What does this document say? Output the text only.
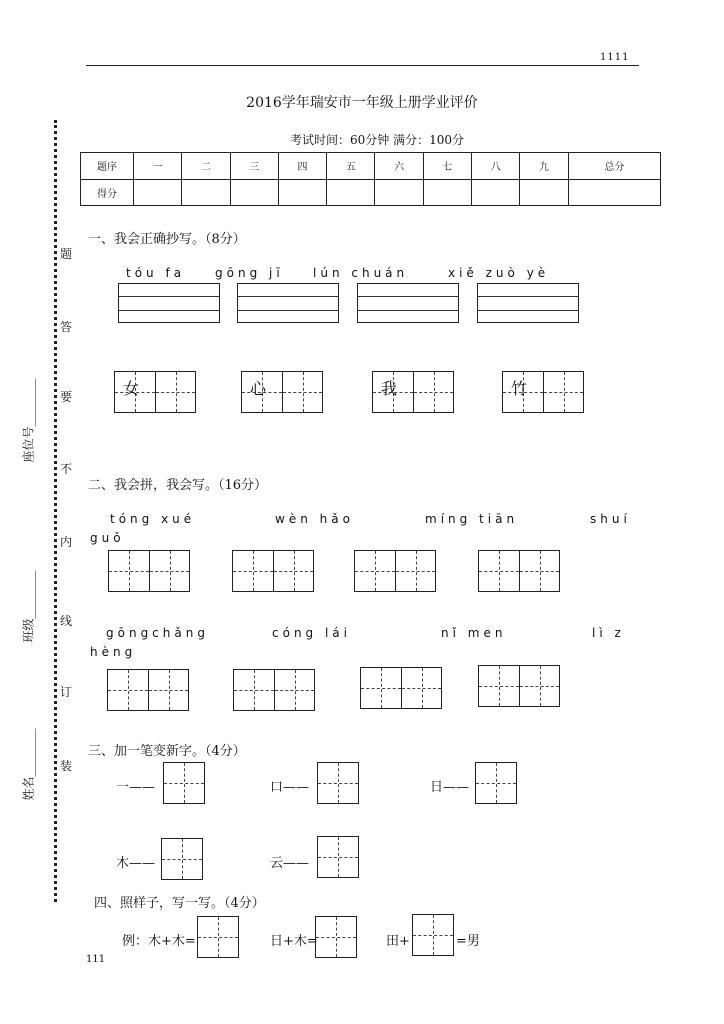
1111
2016学年瑞安市一年级上册学业评价
考试时间：60分钟 满分：100分
题序	一	二	三	四	五	六	七	八	九	总分
得分										
题
答
要
不
内
线
订
装
座位号________
班级________
姓名________
一、我会正确抄写。（8分）
tóu fa gōng jī lún chuán	xiě zuò yè
女	心	我	竹
二、我会拼，我会写。（16分）
tóng xué	wèn hǎo	míng tiān	shuí
guǒ
gōngchǎng	cóng lái	nǐ men	lì z
hèng
三、加一笔变新字。（4分）
一——	口——	日——
木——	云——
四、照样子，写一写。（4分）
例：木+木=	日+木=	田+	=男
111
